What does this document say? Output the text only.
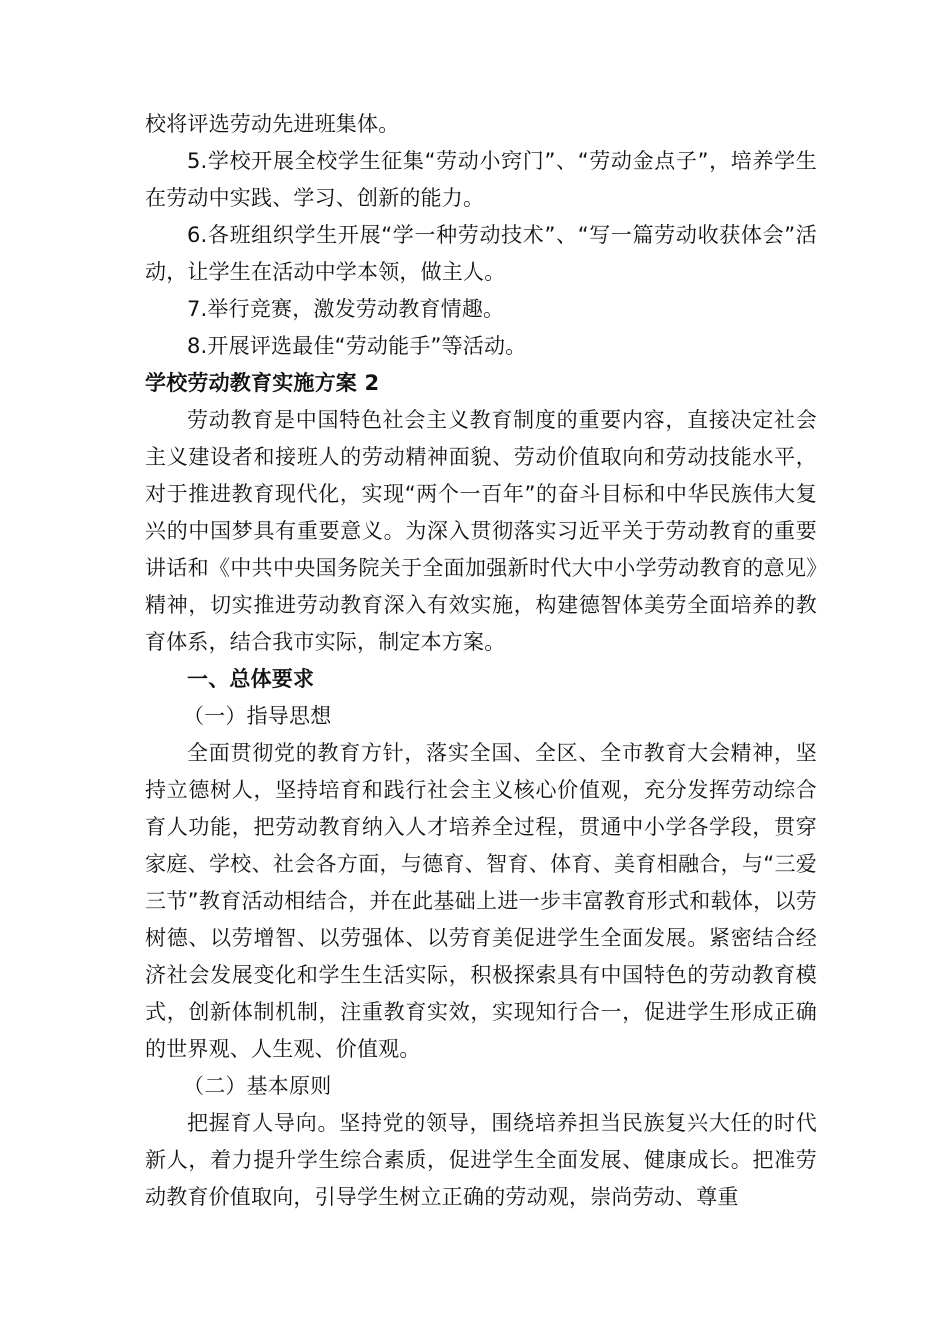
校将评选劳动先进班集体。

5.学校开展全校学生征集“劳动小窍门”、“劳动金点子”，培养学生在劳动中实践、学习、创新的能力。

6.各班组织学生开展“学一种劳动技术”、“写一篇劳动收获体会”活动，让学生在活动中学本领，做主人。

7.举行竞赛，激发劳动教育情趣。

8.开展评选最佳“劳动能手”等活动。

学校劳动教育实施方案 2

劳动教育是中国特色社会主义教育制度的重要内容，直接决定社会主义建设者和接班人的劳动精神面貌、劳动价值取向和劳动技能水平，对于推进教育现代化，实现“两个一百年”的奋斗目标和中华民族伟大复兴的中国梦具有重要意义。为深入贯彻落实习近平关于劳动教育的重要讲话和《中共中央国务院关于全面加强新时代大中小学劳动教育的意见》精神，切实推进劳动教育深入有效实施，构建德智体美劳全面培养的教育体系，结合我市实际，制定本方案。

一、总体要求

（一）指导思想

全面贯彻党的教育方针，落实全国、全区、全市教育大会精神，坚持立德树人，坚持培育和践行社会主义核心价值观，充分发挥劳动综合育人功能，把劳动教育纳入人才培养全过程，贯通中小学各学段，贯穿家庭、学校、社会各方面，与德育、智育、体育、美育相融合，与“三爱三节”教育活动相结合，并在此基础上进一步丰富教育形式和载体，以劳树德、以劳增智、以劳强体、以劳育美促进学生全面发展。紧密结合经济社会发展变化和学生生活实际，积极探索具有中国特色的劳动教育模式，创新体制机制，注重教育实效，实现知行合一，促进学生形成正确的世界观、人生观、价值观。

（二）基本原则

把握育人导向。坚持党的领导，围绕培养担当民族复兴大任的时代新人，着力提升学生综合素质，促进学生全面发展、健康成长。把准劳动教育价值取向，引导学生树立正确的劳动观，崇尚劳动、尊重
